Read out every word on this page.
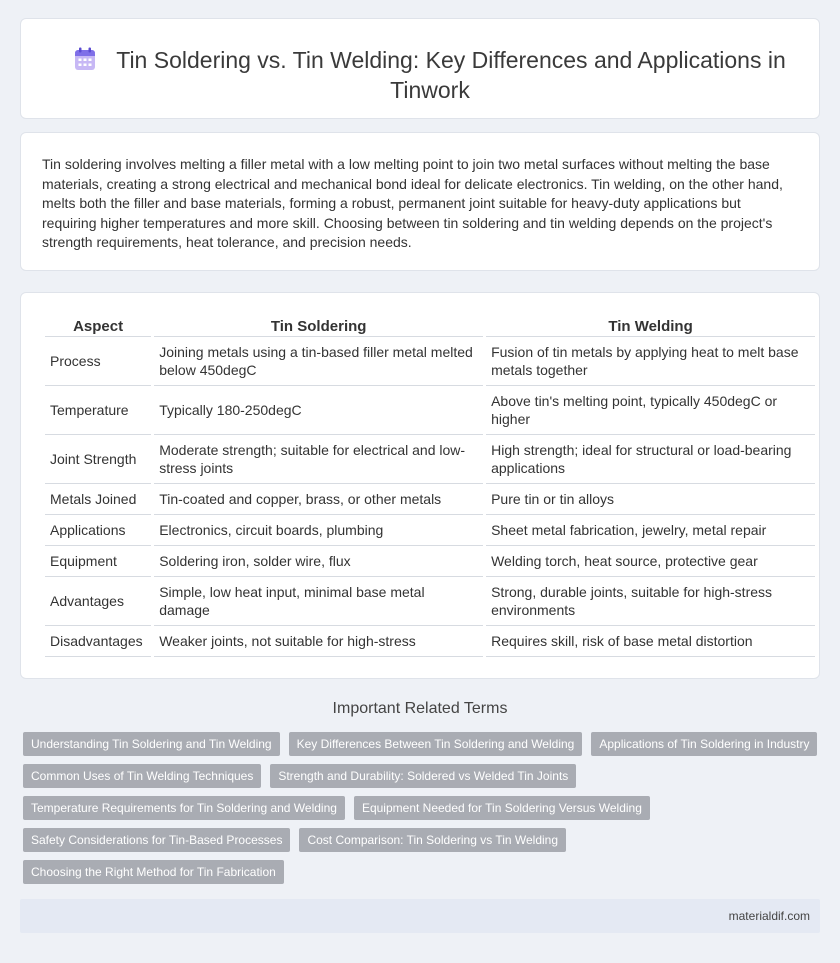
Tin Soldering vs. Tin Welding: Key Differences and Applications in Tinwork

Tin soldering involves melting a filler metal with a low melting point to join two metal surfaces without melting the base materials, creating a strong electrical and mechanical bond ideal for delicate electronics. Tin welding, on the other hand, melts both the filler and base materials, forming a robust, permanent joint suitable for heavy-duty applications but requiring higher temperatures and more skill. Choosing between tin soldering and tin welding depends on the project's strength requirements, heat tolerance, and precision needs.

Aspect	Tin Soldering	Tin Welding
Process	Joining metals using a tin-based filler metal melted below 450degC	Fusion of tin metals by applying heat to melt base metals together
Temperature	Typically 180-250degC	Above tin's melting point, typically 450degC or higher
Joint Strength	Moderate strength; suitable for electrical and low-stress joints	High strength; ideal for structural or load-bearing applications
Metals Joined	Tin-coated and copper, brass, or other metals	Pure tin or tin alloys
Applications	Electronics, circuit boards, plumbing	Sheet metal fabrication, jewelry, metal repair
Equipment	Soldering iron, solder wire, flux	Welding torch, heat source, protective gear
Advantages	Simple, low heat input, minimal base metal damage	Strong, durable joints, suitable for high-stress environments
Disadvantages	Weaker joints, not suitable for high-stress	Requires skill, risk of base metal distortion
Important Related Terms
Understanding Tin Soldering and Tin Welding	Key Differences Between Tin Soldering and Welding	Applications of Tin Soldering in Industry
Common Uses of Tin Welding Techniques	Strength and Durability: Soldered vs Welded Tin Joints
Temperature Requirements for Tin Soldering and Welding	Equipment Needed for Tin Soldering Versus Welding
Safety Considerations for Tin-Based Processes	Cost Comparison: Tin Soldering vs Tin Welding
Choosing the Right Method for Tin Fabrication
materialdif.com
